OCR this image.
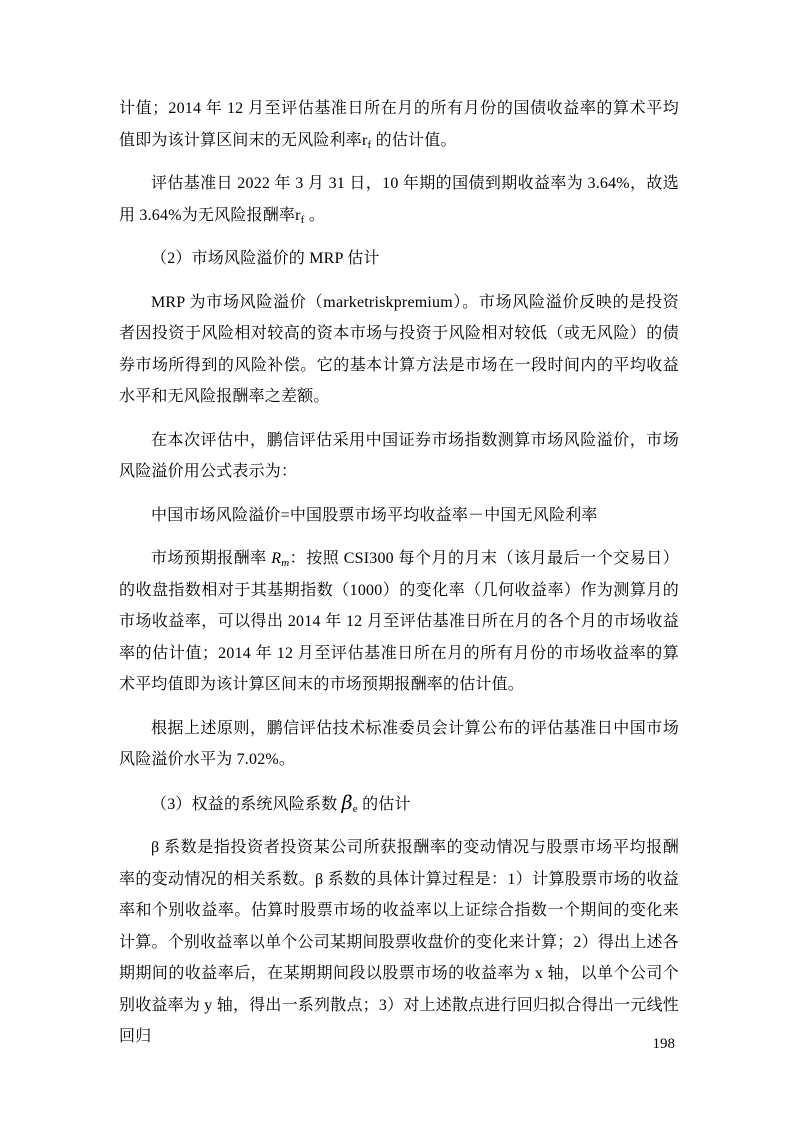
计值；2014 年 12 月至评估基准日所在月的所有月份的国债收益率的算术平均值即为该计算区间末的无风险利率$r_f$ 的估计值。

评估基准日 2022 年 3 月 31 日，10 年期的国债到期收益率为 3.64%，故选用 3.64%为无风险报酬率$r_f$ 。

（2）市场风险溢价的 MRP 估计

MRP 为市场风险溢价（marketriskpremium）。市场风险溢价反映的是投资者因投资于风险相对较高的资本市场与投资于风险相对较低（或无风险）的债券市场所得到的风险补偿。它的基本计算方法是市场在一段时间内的平均收益水平和无风险报酬率之差额。

在本次评估中，鹏信评估采用中国证券市场指数测算市场风险溢价，市场风险溢价用公式表示为：

中国市场风险溢价=中国股票市场平均收益率－中国无风险利率

市场预期报酬率 $R_m$：按照 CSI300 每个月的月末（该月最后一个交易日）的收盘指数相对于其基期指数（1000）的变化率（几何收益率）作为测算月的市场收益率，可以得出 2014 年 12 月至评估基准日所在月的各个月的市场收益率的估计值；2014 年 12 月至评估基准日所在月的所有月份的市场收益率的算术平均值即为该计算区间末的市场预期报酬率的估计值。

根据上述原则，鹏信评估技术标准委员会计算公布的评估基准日中国市场风险溢价水平为 7.02%。

（3）权益的系统风险系数 $\beta_e$ 的估计

β 系数是指投资者投资某公司所获报酬率的变动情况与股票市场平均报酬率的变动情况的相关系数。β 系数的具体计算过程是：1）计算股票市场的收益率和个别收益率。估算时股票市场的收益率以上证综合指数一个期间的变化来计算。个别收益率以单个公司某期间股票收盘价的变化来计算；2）得出上述各期期间的收益率后，在某期期间段以股票市场的收益率为 x 轴，以单个公司个别收益率为 y 轴，得出一系列散点；3）对上述散点进行回归拟合得出一元线性回归	198
